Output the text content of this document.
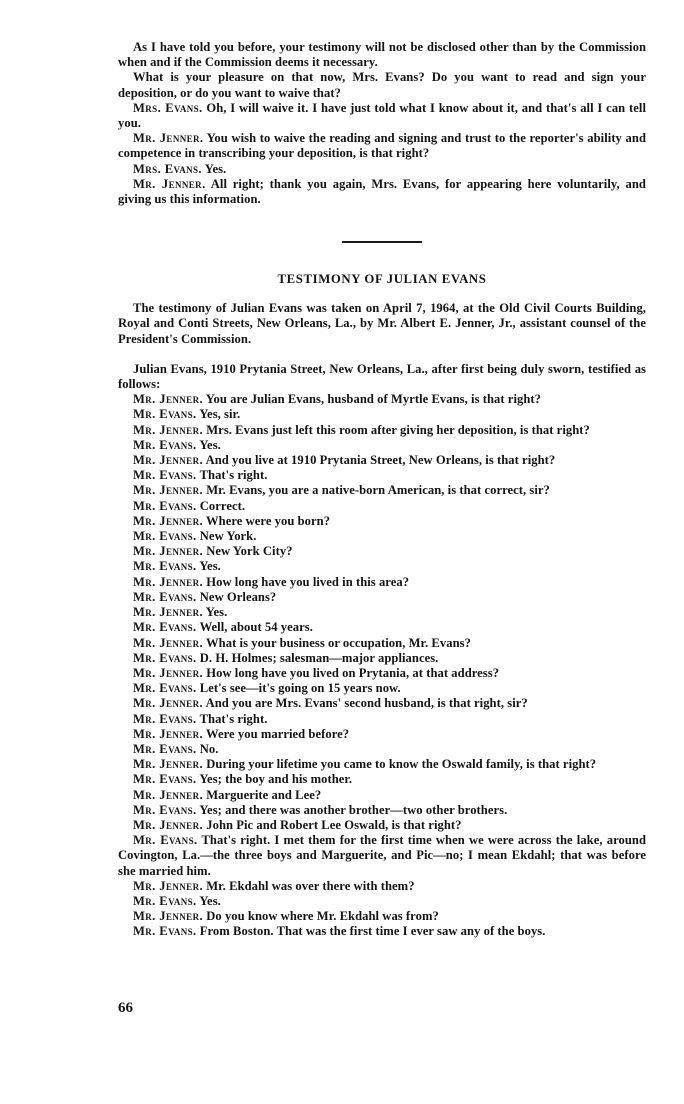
As I have told you before, your testimony will not be disclosed other than by the Commission when and if the Commission deems it necessary.

What is your pleasure on that now, Mrs. Evans? Do you want to read and sign your deposition, or do you want to waive that?

Mrs. Evans. Oh, I will waive it. I have just told what I know about it, and that's all I can tell you.

Mr. Jenner. You wish to waive the reading and signing and trust to the reporter's ability and competence in transcribing your deposition, is that right?

Mrs. Evans. Yes.

Mr. Jenner. All right; thank you again, Mrs. Evans, for appearing here voluntarily, and giving us this information.

TESTIMONY OF JULIAN EVANS

The testimony of Julian Evans was taken on April 7, 1964, at the Old Civil Courts Building, Royal and Conti Streets, New Orleans, La., by Mr. Albert E. Jenner, Jr., assistant counsel of the President's Commission.

Julian Evans, 1910 Prytania Street, New Orleans, La., after first being duly sworn, testified as follows:

Mr. Jenner. You are Julian Evans, husband of Myrtle Evans, is that right?

Mr. Evans. Yes, sir.

Mr. Jenner. Mrs. Evans just left this room after giving her deposition, is that right?

Mr. Evans. Yes.

Mr. Jenner. And you live at 1910 Prytania Street, New Orleans, is that right?

Mr. Evans. That's right.

Mr. Jenner. Mr. Evans, you are a native-born American, is that correct, sir?

Mr. Evans. Correct.

Mr. Jenner. Where were you born?

Mr. Evans. New York.

Mr. Jenner. New York City?

Mr. Evans. Yes.

Mr. Jenner. How long have you lived in this area?

Mr. Evans. New Orleans?

Mr. Jenner. Yes.

Mr. Evans. Well, about 54 years.

Mr. Jenner. What is your business or occupation, Mr. Evans?

Mr. Evans. D. H. Holmes; salesman—major appliances.

Mr. Jenner. How long have you lived on Prytania, at that address?

Mr. Evans. Let's see—it's going on 15 years now.

Mr. Jenner. And you are Mrs. Evans' second husband, is that right, sir?

Mr. Evans. That's right.

Mr. Jenner. Were you married before?

Mr. Evans. No.

Mr. Jenner. During your lifetime you came to know the Oswald family, is that right?

Mr. Evans. Yes; the boy and his mother.

Mr. Jenner. Marguerite and Lee?

Mr. Evans. Yes; and there was another brother—two other brothers.

Mr. Jenner. John Pic and Robert Lee Oswald, is that right?

Mr. Evans. That's right. I met them for the first time when we were across the lake, around Covington, La.—the three boys and Marguerite, and Pic—no; I mean Ekdahl; that was before she married him.

Mr. Jenner. Mr. Ekdahl was over there with them?

Mr. Evans. Yes.

Mr. Jenner. Do you know where Mr. Ekdahl was from?

Mr. Evans. From Boston. That was the first time I ever saw any of the boys.

66
